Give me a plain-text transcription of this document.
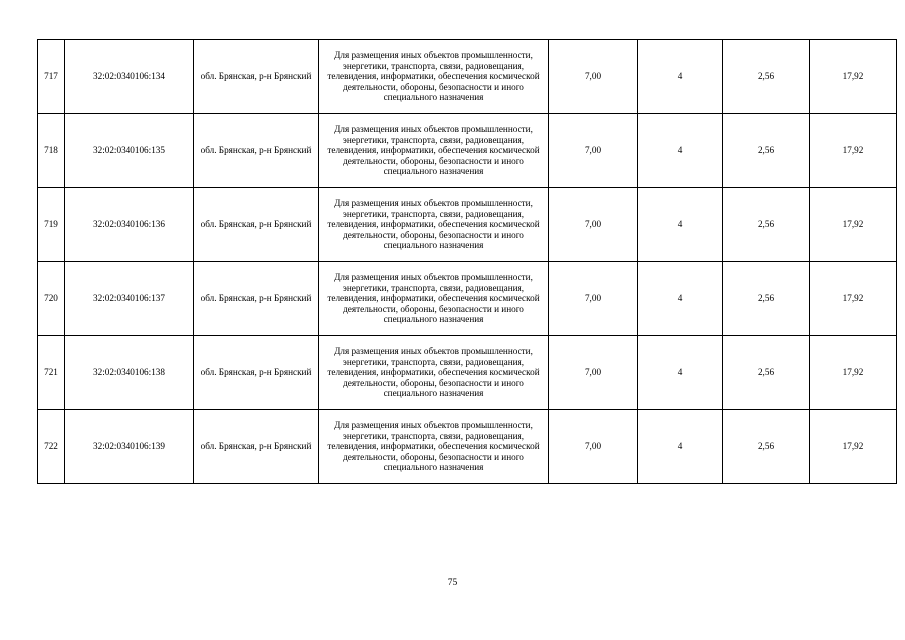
717	32:02:0340106:134	обл. Брянская, р-н Брянский	Для размещения иных объектов промышленности, энергетики, транспорта, связи, радиовещания, телевидения, информатики, обеспечения космической деятельности, обороны, безопасности и иного специального назначения	7,00	4	2,56	17,92
718	32:02:0340106:135	обл. Брянская, р-н Брянский	Для размещения иных объектов промышленности, энергетики, транспорта, связи, радиовещания, телевидения, информатики, обеспечения космической деятельности, обороны, безопасности и иного специального назначения	7,00	4	2,56	17,92
719	32:02:0340106:136	обл. Брянская, р-н Брянский	Для размещения иных объектов промышленности, энергетики, транспорта, связи, радиовещания, телевидения, информатики, обеспечения космической деятельности, обороны, безопасности и иного специального назначения	7,00	4	2,56	17,92
720	32:02:0340106:137	обл. Брянская, р-н Брянский	Для размещения иных объектов промышленности, энергетики, транспорта, связи, радиовещания, телевидения, информатики, обеспечения космической деятельности, обороны, безопасности и иного специального назначения	7,00	4	2,56	17,92
721	32:02:0340106:138	обл. Брянская, р-н Брянский	Для размещения иных объектов промышленности, энергетики, транспорта, связи, радиовещания, телевидения, информатики, обеспечения космической деятельности, обороны, безопасности и иного специального назначения	7,00	4	2,56	17,92
722	32:02:0340106:139	обл. Брянская, р-н Брянский	Для размещения иных объектов промышленности, энергетики, транспорта, связи, радиовещания, телевидения, информатики, обеспечения космической деятельности, обороны, безопасности и иного специального назначения	7,00	4	2,56	17,92
75
